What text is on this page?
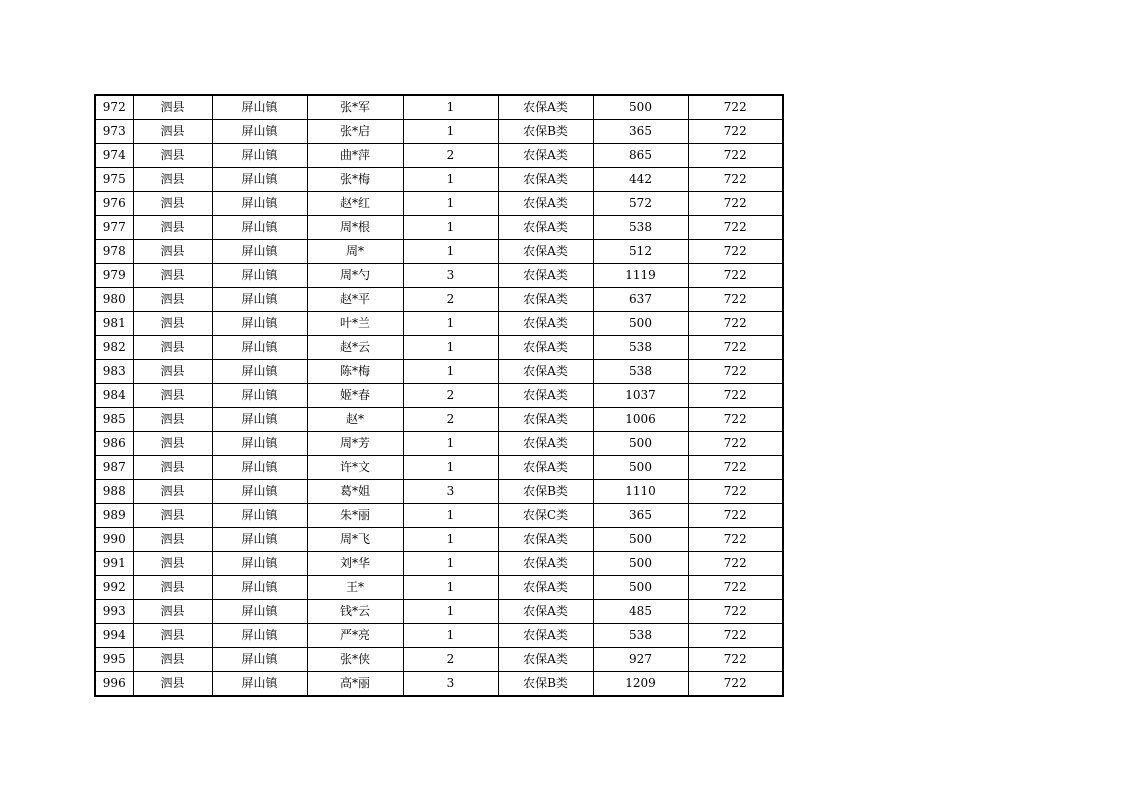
972	泗县	屏山镇	张*军	1	农保A类	500	722
973	泗县	屏山镇	张*启	1	农保B类	365	722
974	泗县	屏山镇	曲*萍	2	农保A类	865	722
975	泗县	屏山镇	张*梅	1	农保A类	442	722
976	泗县	屏山镇	赵*红	1	农保A类	572	722
977	泗县	屏山镇	周*根	1	农保A类	538	722
978	泗县	屏山镇	周*	1	农保A类	512	722
979	泗县	屏山镇	周*勺	3	农保A类	1119	722
980	泗县	屏山镇	赵*平	2	农保A类	637	722
981	泗县	屏山镇	叶*兰	1	农保A类	500	722
982	泗县	屏山镇	赵*云	1	农保A类	538	722
983	泗县	屏山镇	陈*梅	1	农保A类	538	722
984	泗县	屏山镇	姬*春	2	农保A类	1037	722
985	泗县	屏山镇	赵*	2	农保A类	1006	722
986	泗县	屏山镇	周*芳	1	农保A类	500	722
987	泗县	屏山镇	许*文	1	农保A类	500	722
988	泗县	屏山镇	葛*姐	3	农保B类	1110	722
989	泗县	屏山镇	朱*丽	1	农保C类	365	722
990	泗县	屏山镇	周*飞	1	农保A类	500	722
991	泗县	屏山镇	刘*华	1	农保A类	500	722
992	泗县	屏山镇	王*	1	农保A类	500	722
993	泗县	屏山镇	钱*云	1	农保A类	485	722
994	泗县	屏山镇	严*亮	1	农保A类	538	722
995	泗县	屏山镇	张*侠	2	农保A类	927	722
996	泗县	屏山镇	高*丽	3	农保B类	1209	722
